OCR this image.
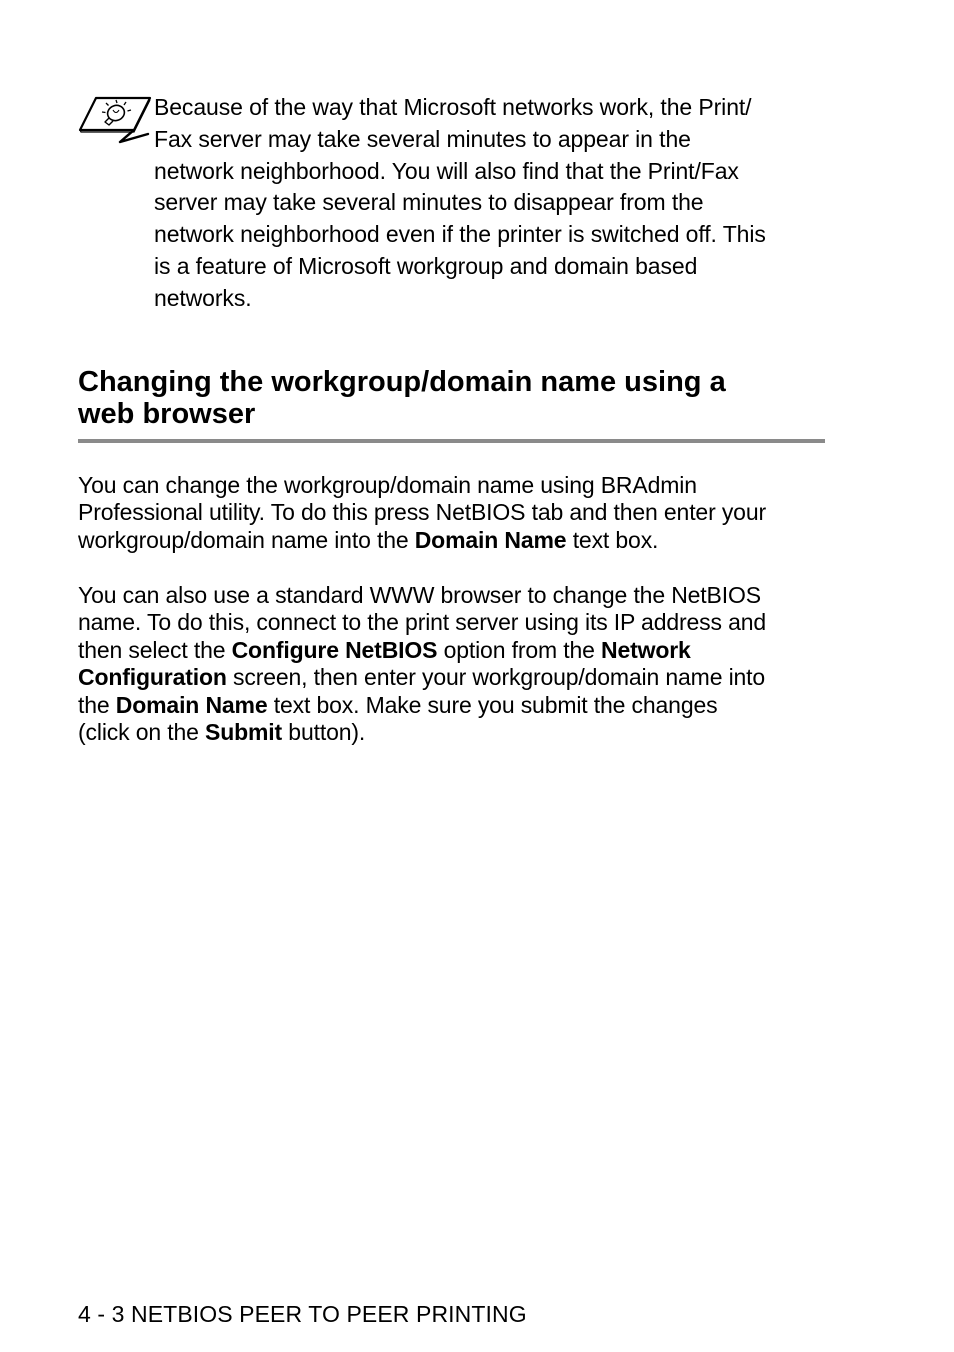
Because of the way that Microsoft networks work, the Print/
Fax server may take several minutes to appear in the
network neighborhood. You will also find that the Print/Fax
server may take several minutes to disappear from the
network neighborhood even if the printer is switched off. This
is a feature of Microsoft workgroup and domain based
networks.
Changing the workgroup/domain name using a
web browser
You can change the workgroup/domain name using BRAdmin
Professional utility. To do this press NetBIOS tab and then enter your
workgroup/domain name into the Domain Name text box.
You can also use a standard WWW browser to change the NetBIOS
name. To do this, connect to the print server using its IP address and
then select the Configure NetBIOS option from the Network
Configuration screen, then enter your workgroup/domain name into
the Domain Name text box. Make sure you submit the changes
(click on the Submit button).
4 - 3 NETBIOS PEER TO PEER PRINTING
